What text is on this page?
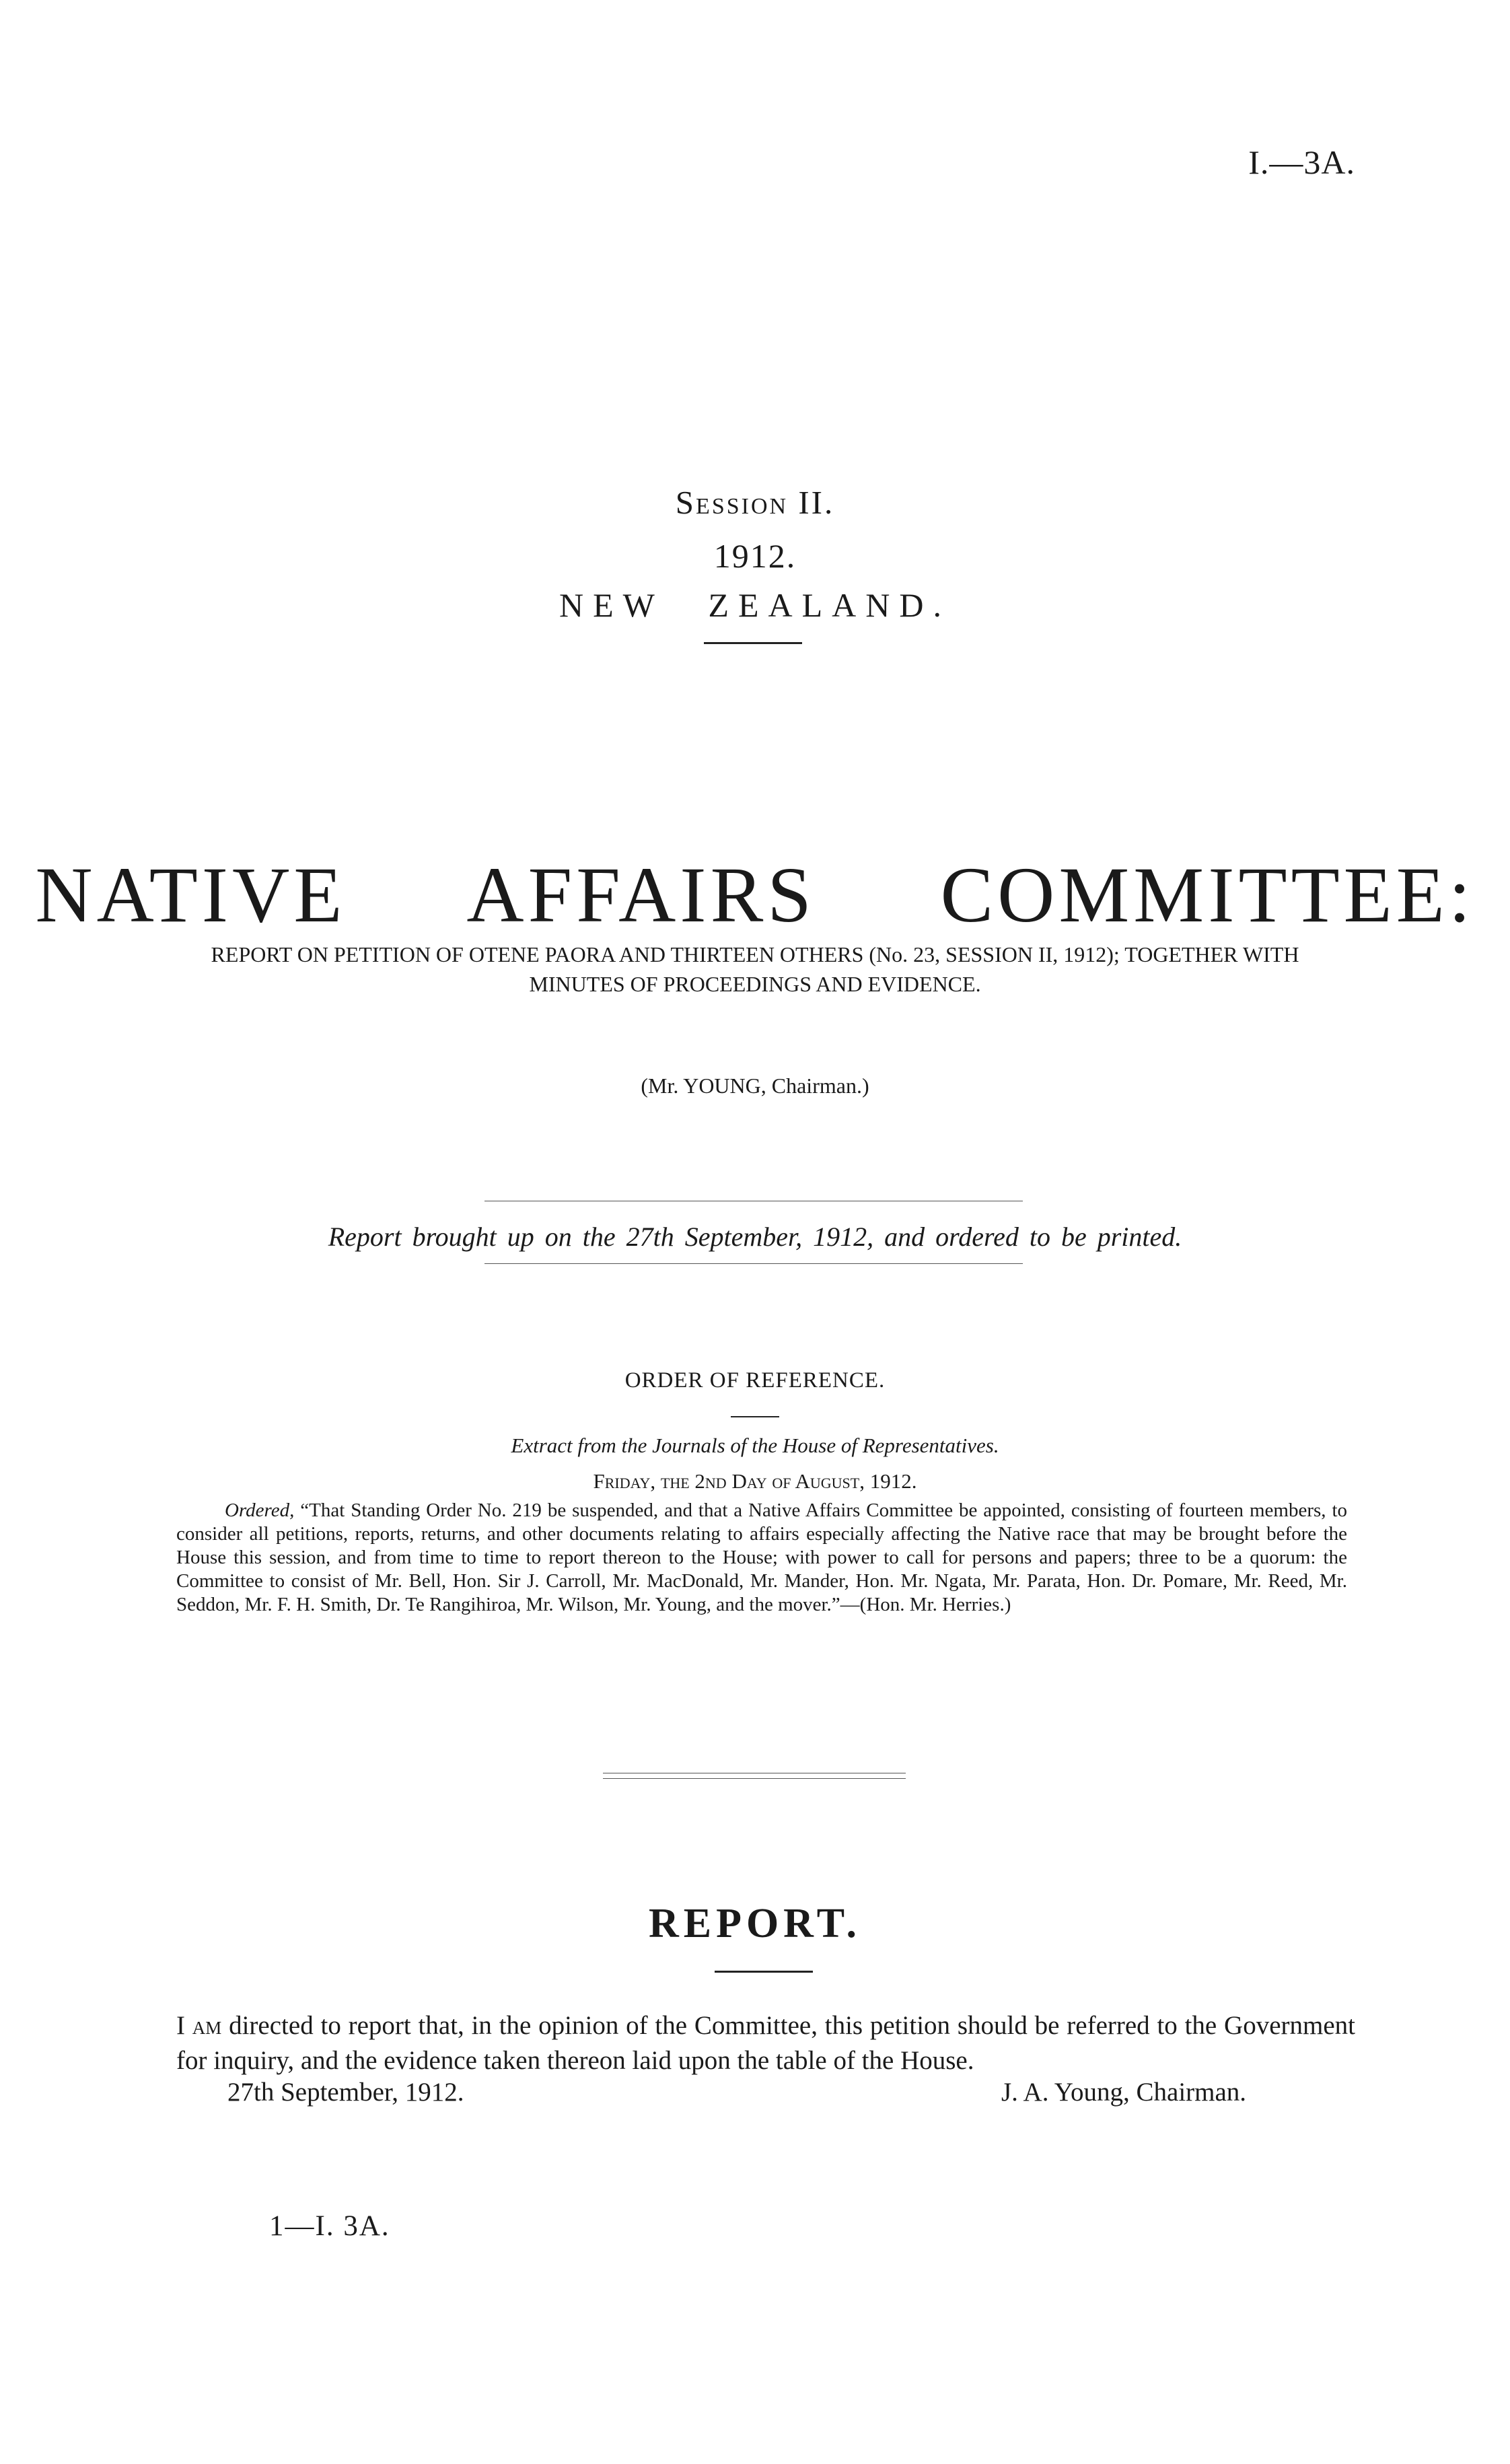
I.—3A.
Session II.
1912.
NEW ZEALAND.
NATIVE AFFAIRS COMMITTEE:
REPORT ON PETITION OF OTENE PAORA AND THIRTEEN OTHERS (No. 23, SESSION II, 1912); TOGETHER WITH MINUTES OF PROCEEDINGS AND EVIDENCE.
(Mr. YOUNG, Chairman.)
Report brought up on the 27th September, 1912, and ordered to be printed.
ORDER OF REFERENCE.
Extract from the Journals of the House of Representatives.
Friday, the 2nd Day of August, 1912.
Ordered, “That Standing Order No. 219 be suspended, and that a Native Affairs Committee be appointed, consisting of fourteen members, to consider all petitions, reports, returns, and other documents relating to affairs especially affecting the Native race that may be brought before the House this session, and from time to time to report thereon to the House; with power to call for persons and papers; three to be a quorum: the Committee to consist of Mr. Bell, Hon. Sir J. Carroll, Mr. MacDonald, Mr. Mander, Hon. Mr. Ngata, Mr. Parata, Hon. Dr. Pomare, Mr. Reed, Mr. Seddon, Mr. F. H. Smith, Dr. Te Rangihiroa, Mr. Wilson, Mr. Young, and the mover.”—(Hon. Mr. Herries.)
REPORT.
I am directed to report that, in the opinion of the Committee, this petition should be referred to the Government for inquiry, and the evidence taken thereon laid upon the table of the House.
27th September, 1912.	J. A. Young, Chairman.
1—I. 3A.
